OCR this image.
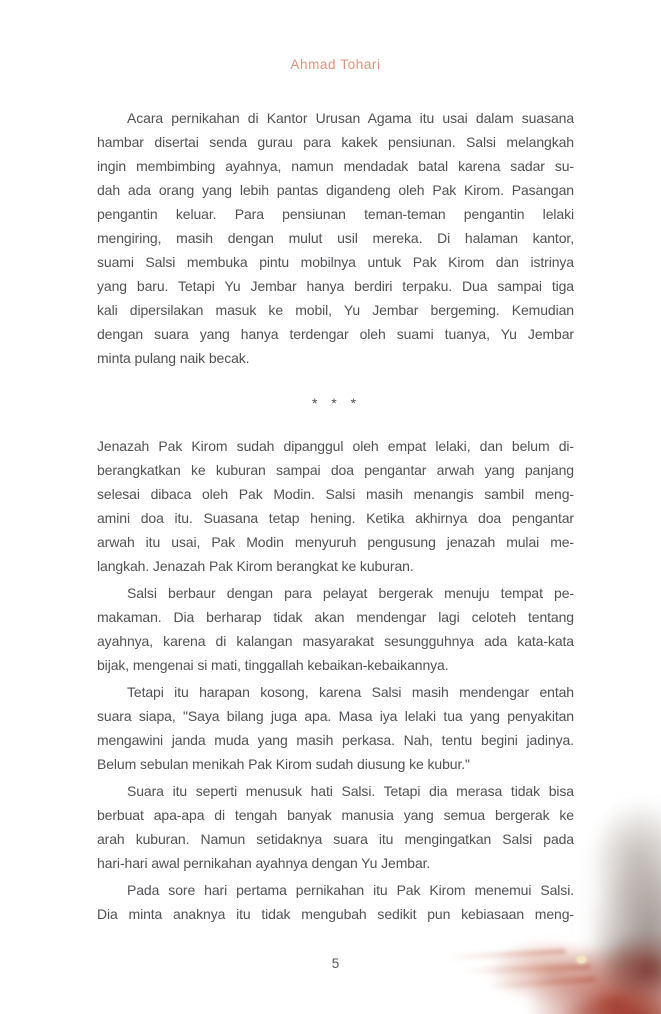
Ahmad Tohari
Acara pernikahan di Kantor Urusan Agama itu usai dalam suasana
hambar disertai senda gurau para kakek pensiunan. Salsi melangkah
ingin membimbing ayahnya, namun mendadak batal karena sadar su-
dah ada orang yang lebih pantas digandeng oleh Pak Kirom. Pasangan
pengantin keluar. Para pensiunan teman-teman pengantin lelaki
mengiring, masih dengan mulut usil mereka. Di halaman kantor,
suami Salsi membuka pintu mobilnya untuk Pak Kirom dan istrinya
yang baru. Tetapi Yu Jembar hanya berdiri terpaku. Dua sampai tiga
kali dipersilakan masuk ke mobil, Yu Jembar bergeming. Kemudian
dengan suara yang hanya terdengar oleh suami tuanya, Yu Jembar
minta pulang naik becak.
* * *
Jenazah Pak Kirom sudah dipanggul oleh empat lelaki, dan belum di-
berangkatkan ke kuburan sampai doa pengantar arwah yang panjang
selesai dibaca oleh Pak Modin. Salsi masih menangis sambil meng-
amini doa itu. Suasana tetap hening. Ketika akhirnya doa pengantar
arwah itu usai, Pak Modin menyuruh pengusung jenazah mulai me-
langkah. Jenazah Pak Kirom berangkat ke kuburan.
Salsi berbaur dengan para pelayat bergerak menuju tempat pe-
makaman. Dia berharap tidak akan mendengar lagi celoteh tentang
ayahnya, karena di kalangan masyarakat sesungguhnya ada kata-kata
bijak, mengenai si mati, tinggallah kebaikan-kebaikannya.
Tetapi itu harapan kosong, karena Salsi masih mendengar entah
suara siapa, "Saya bilang juga apa. Masa iya lelaki tua yang penyakitan
mengawini janda muda yang masih perkasa. Nah, tentu begini jadinya.
Belum sebulan menikah Pak Kirom sudah diusung ke kubur."
Suara itu seperti menusuk hati Salsi. Tetapi dia merasa tidak bisa
berbuat apa-apa di tengah banyak manusia yang semua bergerak ke
arah kuburan. Namun setidaknya suara itu mengingatkan Salsi pada
hari-hari awal pernikahan ayahnya dengan Yu Jembar.
Pada sore hari pertama pernikahan itu Pak Kirom menemui Salsi.
Dia minta anaknya itu tidak mengubah sedikit pun kebiasaan meng-
5
